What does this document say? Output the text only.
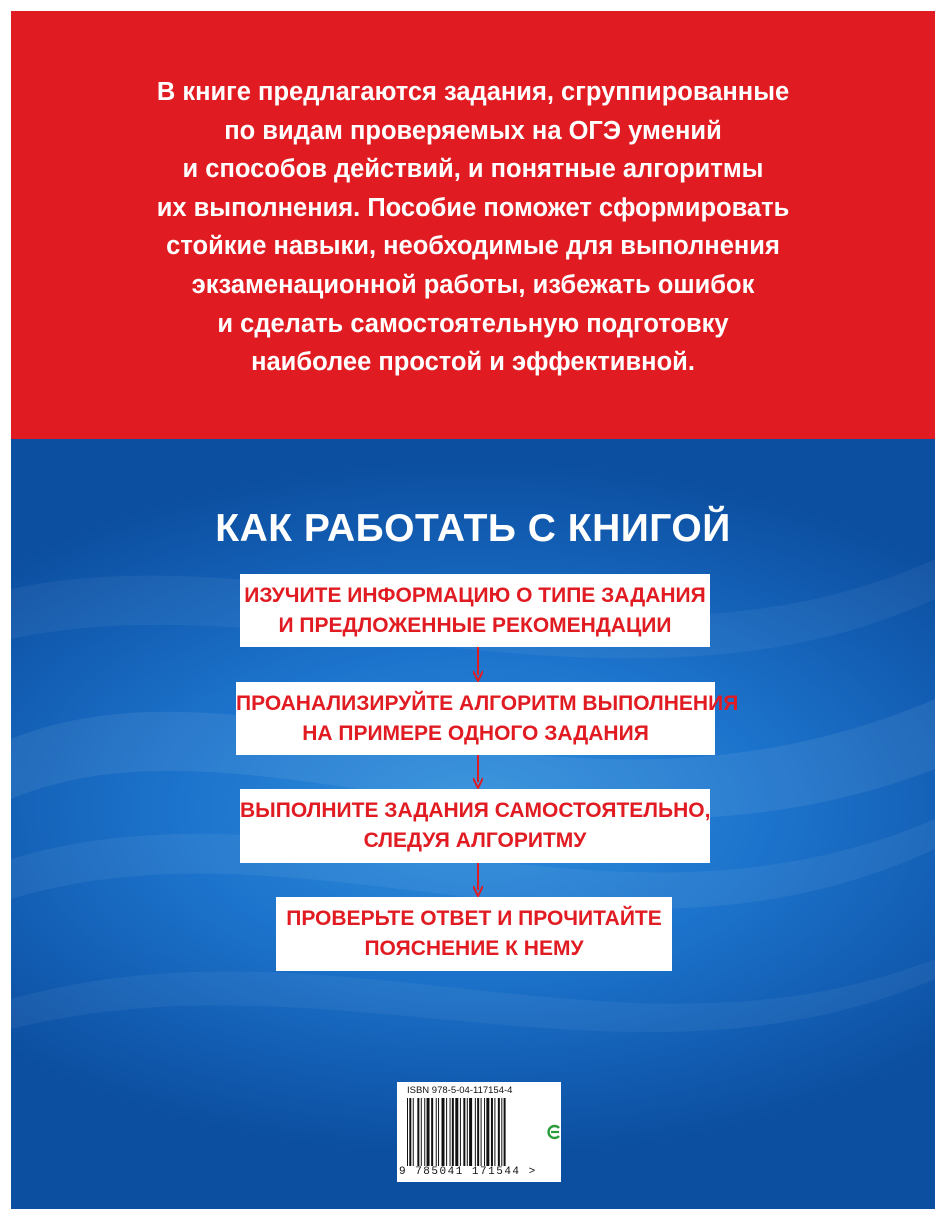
В книге предлагаются задания, сгруппированные
по видам проверяемых на ОГЭ умений
и способов действий, и понятные алгоритмы
их выполнения. Пособие поможет сформировать
стойкие навыки, необходимые для выполнения
экзаменационной работы, избежать ошибок
и сделать самостоятельную подготовку
наиболее простой и эффективной.

КАК РАБОТАТЬ С КНИГОЙ
ИЗУЧИТЕ ИНФОРМАЦИЮ О ТИПЕ ЗАДАНИЯ
И ПРЕДЛОЖЕННЫЕ РЕКОМЕНДАЦИИ
ПРОАНАЛИЗИРУЙТЕ АЛГОРИТМ ВЫПОЛНЕНИЯ
НА ПРИМЕРЕ ОДНОГО ЗАДАНИЯ
ВЫПОЛНИТЕ ЗАДАНИЯ САМОСТОЯТЕЛЬНО,
СЛЕДУЯ АЛГОРИТМУ
ПРОВЕРЬТЕ ОТВЕТ И ПРОЧИТАЙТЕ
ПОЯСНЕНИЕ К НЕМУ
ISBN 978-5-04-117154-4
9 785041 171544 >
